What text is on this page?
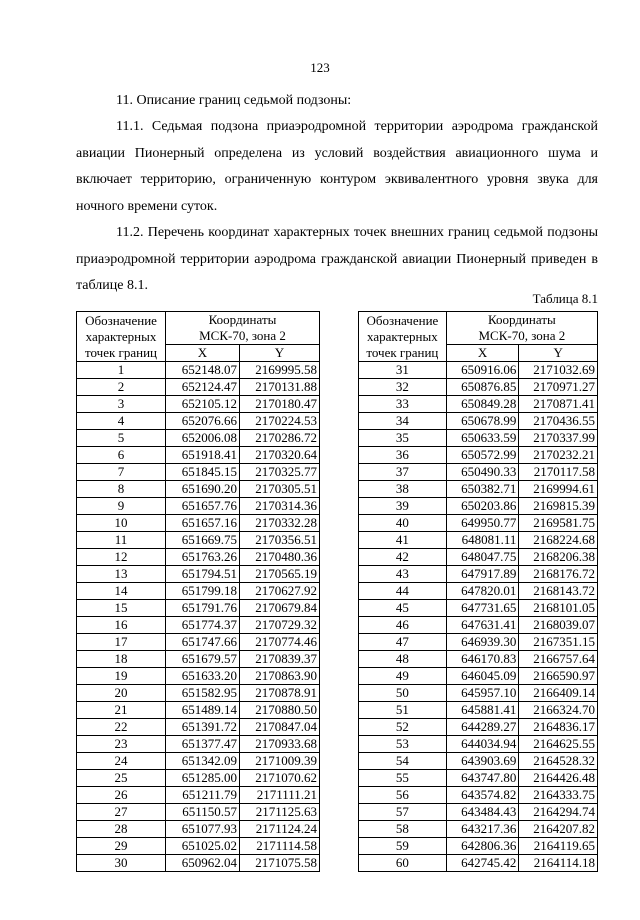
123

11. Описание границ седьмой подзоны:

11.1. Седьмая подзона приаэродромной территории аэродрома гражданской авиации Пионерный определена из условий воздействия авиационного шума и включает территорию, ограниченную контуром эквивалентного уровня звука для ночного времени суток.

11.2. Перечень координат характерных точек внешних границ седьмой подзоны приаэродромной территории аэродрома гражданской авиации Пионерный приведен в таблице 8.1.

Таблица 8.1
Обозначение
характерных
точек границ	Координаты
МСК-70, зона 2	
	X	Y
1	652148.07	2169995.58
2	652124.47	2170131.88
3	652105.12	2170180.47
4	652076.66	2170224.53
5	652006.08	2170286.72
6	651918.41	2170320.64
7	651845.15	2170325.77
8	651690.20	2170305.51
9	651657.76	2170314.36
10	651657.16	2170332.28
11	651669.75	2170356.51
12	651763.26	2170480.36
13	651794.51	2170565.19
14	651799.18	2170627.92
15	651791.76	2170679.84
16	651774.37	2170729.32
17	651747.66	2170774.46
18	651679.57	2170839.37
19	651633.20	2170863.90
20	651582.95	2170878.91
21	651489.14	2170880.50
22	651391.72	2170847.04
23	651377.47	2170933.68
24	651342.09	2171009.39
25	651285.00	2171070.62
26	651211.79	2171111.21
27	651150.57	2171125.63
28	651077.93	2171124.24
29	651025.02	2171114.58
30	650962.04	2171075.58
Обозначение
характерных
точек границ	Координаты
МСК-70, зона 2	
	X	Y
31	650916.06	2171032.69
32	650876.85	2170971.27
33	650849.28	2170871.41
34	650678.99	2170436.55
35	650633.59	2170337.99
36	650572.99	2170232.21
37	650490.33	2170117.58
38	650382.71	2169994.61
39	650203.86	2169815.39
40	649950.77	2169581.75
41	648081.11	2168224.68
42	648047.75	2168206.38
43	647917.89	2168176.72
44	647820.01	2168143.72
45	647731.65	2168101.05
46	647631.41	2168039.07
47	646939.30	2167351.15
48	646170.83	2166757.64
49	646045.09	2166590.97
50	645957.10	2166409.14
51	645881.41	2166324.70
52	644289.27	2164836.17
53	644034.94	2164625.55
54	643903.69	2164528.32
55	643747.80	2164426.48
56	643574.82	2164333.75
57	643484.43	2164294.74
58	643217.36	2164207.82
59	642806.36	2164119.65
60	642745.42	2164114.18
